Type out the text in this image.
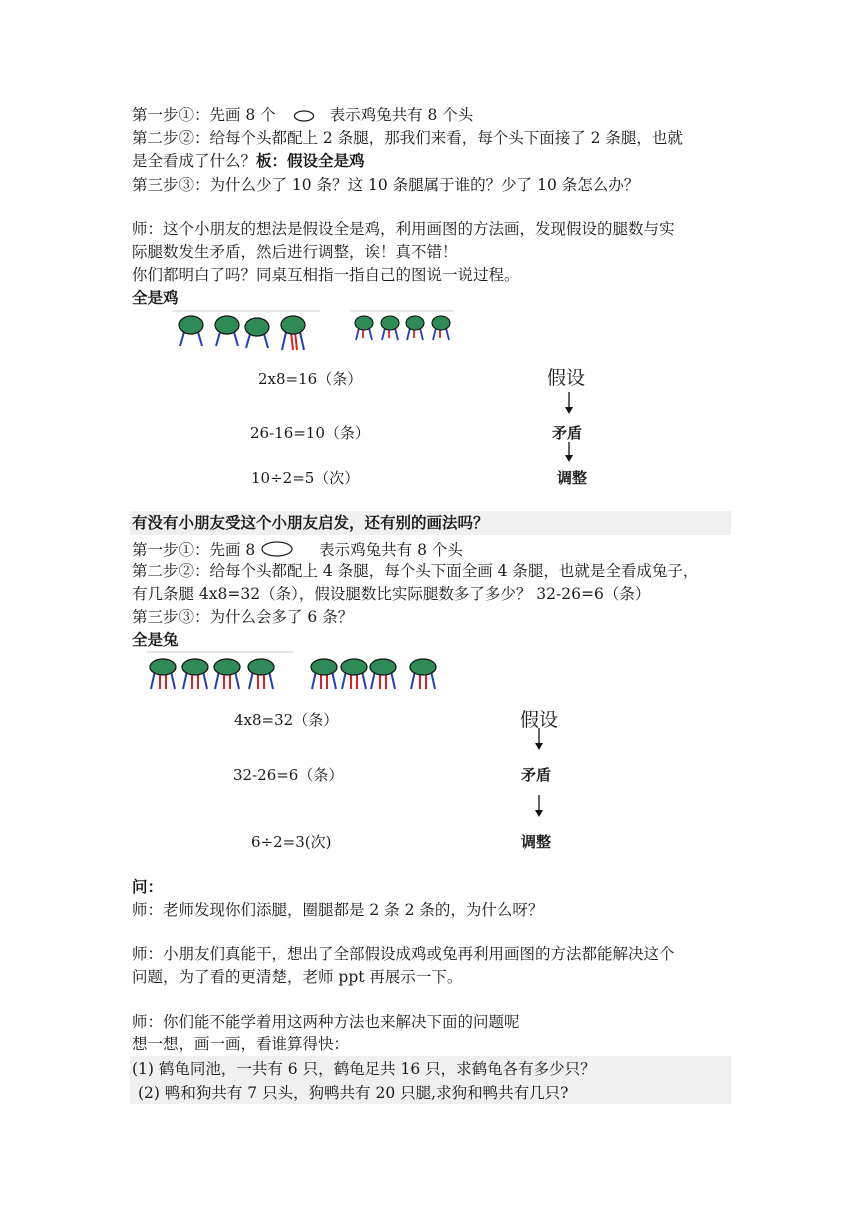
第一步①：先画 8 个	表示鸡兔共有 8 个头
第二步②：给每个头都配上 2 条腿，那我们来看，每个头下面接了 2 条腿，也就
是全看成了什么？板：假设全是鸡
第三步③：为什么少了 10 条？这 10 条腿属于谁的？少了 10 条怎么办？
师：这个小朋友的想法是假设全是鸡，利用画图的方法画，发现假设的腿数与实
际腿数发生矛盾，然后进行调整，诶！真不错！
你们都明白了吗？同桌互相指一指自己的图说一说过程。
全是鸡
2x8=16（条）
26-16=10（条）
10÷2=5（次）
假设
矛盾
调整
有没有小朋友受这个小朋友启发，还有别的画法吗？
第一步①：先画 8	表示鸡兔共有 8 个头
第二步②：给每个头都配上 4 条腿，每个头下面全画 4 条腿，也就是全看成兔子，
有几条腿 4x8=32（条），假设腿数比实际腿数多了多少？ 32-26=6（条）
第三步③：为什么会多了 6 条？
全是兔
4x8=32（条）
32-26=6（条）
6÷2=3(次)
假设
矛盾
调整
问：
师：老师发现你们添腿，圈腿都是 2 条 2 条的，为什么呀？
师：小朋友们真能干，想出了全部假设成鸡或兔再利用画图的方法都能解决这个
问题，为了看的更清楚，老师 ppt 再展示一下。
师：你们能不能学着用这两种方法也来解决下面的问题呢
想一想，画一画，看谁算得快：
(1) 鹤龟同池，一共有 6 只，鹤龟足共 16 只，求鹤龟各有多少只？
(2) 鸭和狗共有 7 只头，狗鸭共有 20 只腿,求狗和鸭共有几只?
